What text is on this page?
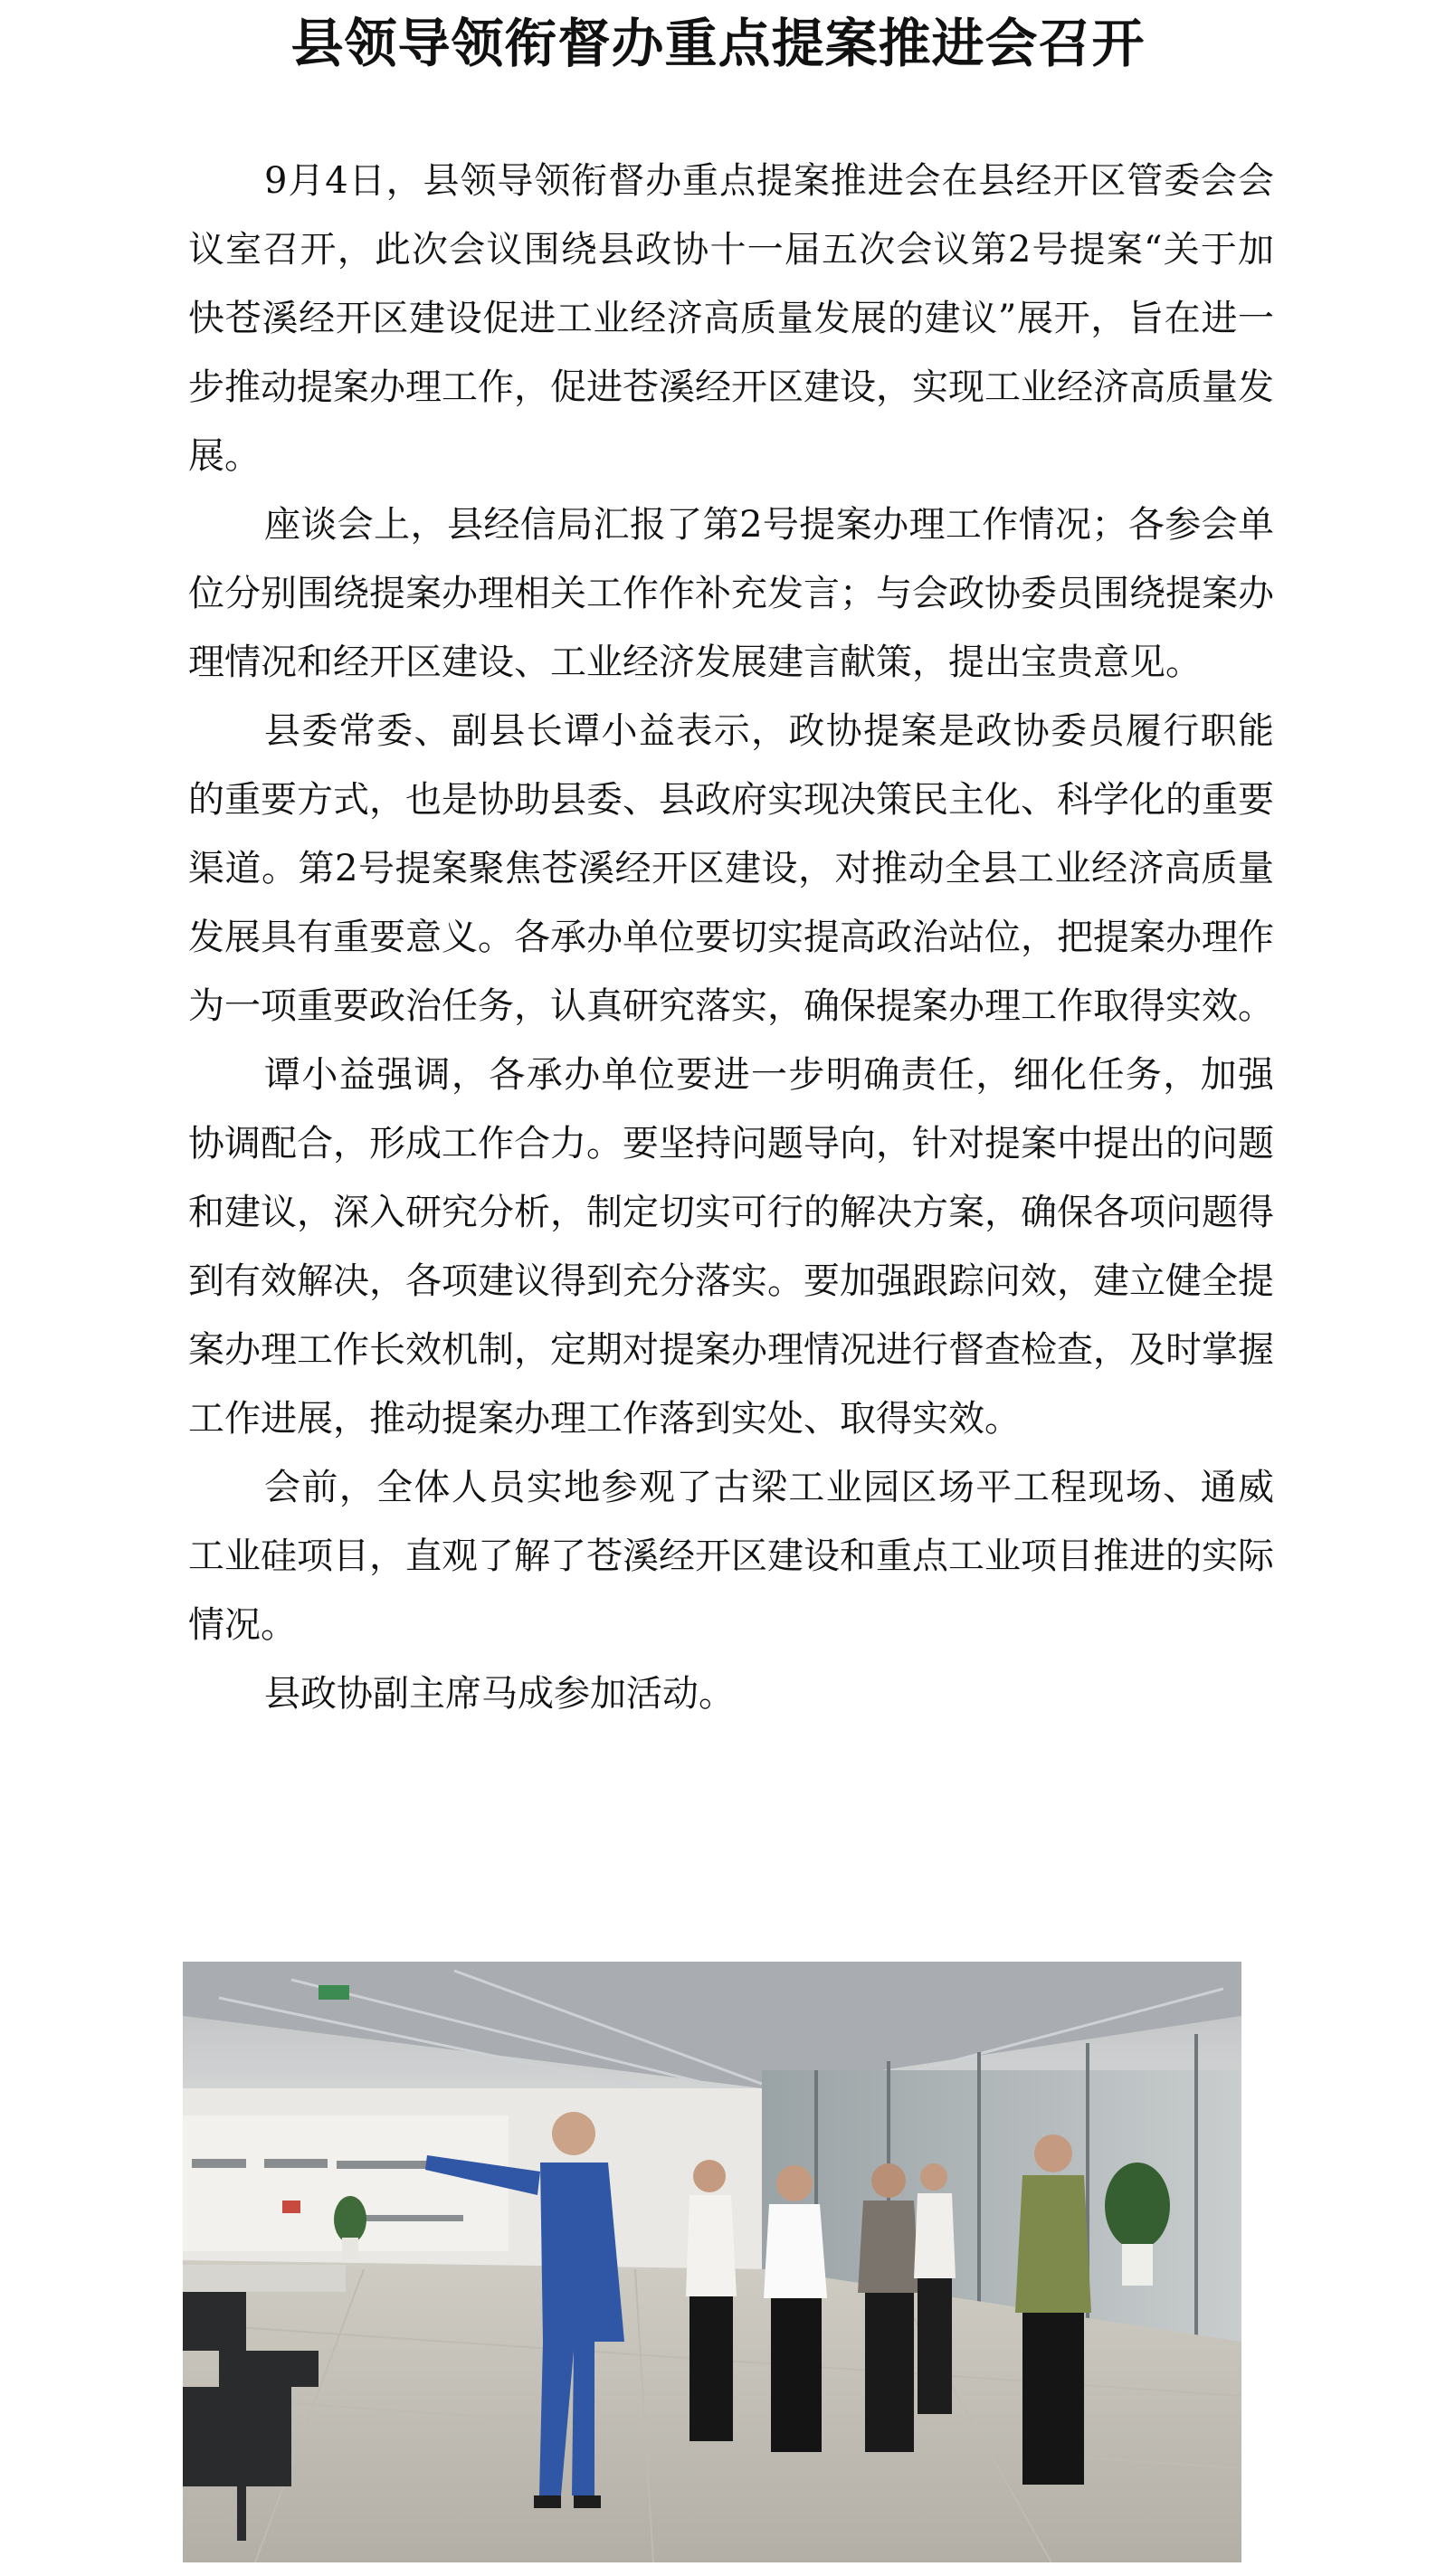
县领导领衔督办重点提案推进会召开

9月4日，县领导领衔督办重点提案推进会在县经开区管委会会议室召开，此次会议围绕县政协十一届五次会议第2号提案“关于加快苍溪经开区建设促进工业经济高质量发展的建议”展开，旨在进一步推动提案办理工作，促进苍溪经开区建设，实现工业经济高质量发展。

座谈会上，县经信局汇报了第2号提案办理工作情况；各参会单位分别围绕提案办理相关工作作补充发言；与会政协委员围绕提案办理情况和经开区建设、工业经济发展建言献策，提出宝贵意见。

县委常委、副县长谭小益表示，政协提案是政协委员履行职能的重要方式，也是协助县委、县政府实现决策民主化、科学化的重要渠道。第2号提案聚焦苍溪经开区建设，对推动全县工业经济高质量发展具有重要意义。各承办单位要切实提高政治站位，把提案办理作为一项重要政治任务，认真研究落实，确保提案办理工作取得实效。

谭小益强调，各承办单位要进一步明确责任，细化任务，加强协调配合，形成工作合力。要坚持问题导向，针对提案中提出的问题和建议，深入研究分析，制定切实可行的解决方案，确保各项问题得到有效解决，各项建议得到充分落实。要加强跟踪问效，建立健全提案办理工作长效机制，定期对提案办理情况进行督查检查，及时掌握工作进展，推动提案办理工作落到实处、取得实效。

会前，全体人员实地参观了古梁工业园区场平工程现场、通威工业硅项目，直观了解了苍溪经开区建设和重点工业项目推进的实际情况。

县政协副主席马成参加活动。
